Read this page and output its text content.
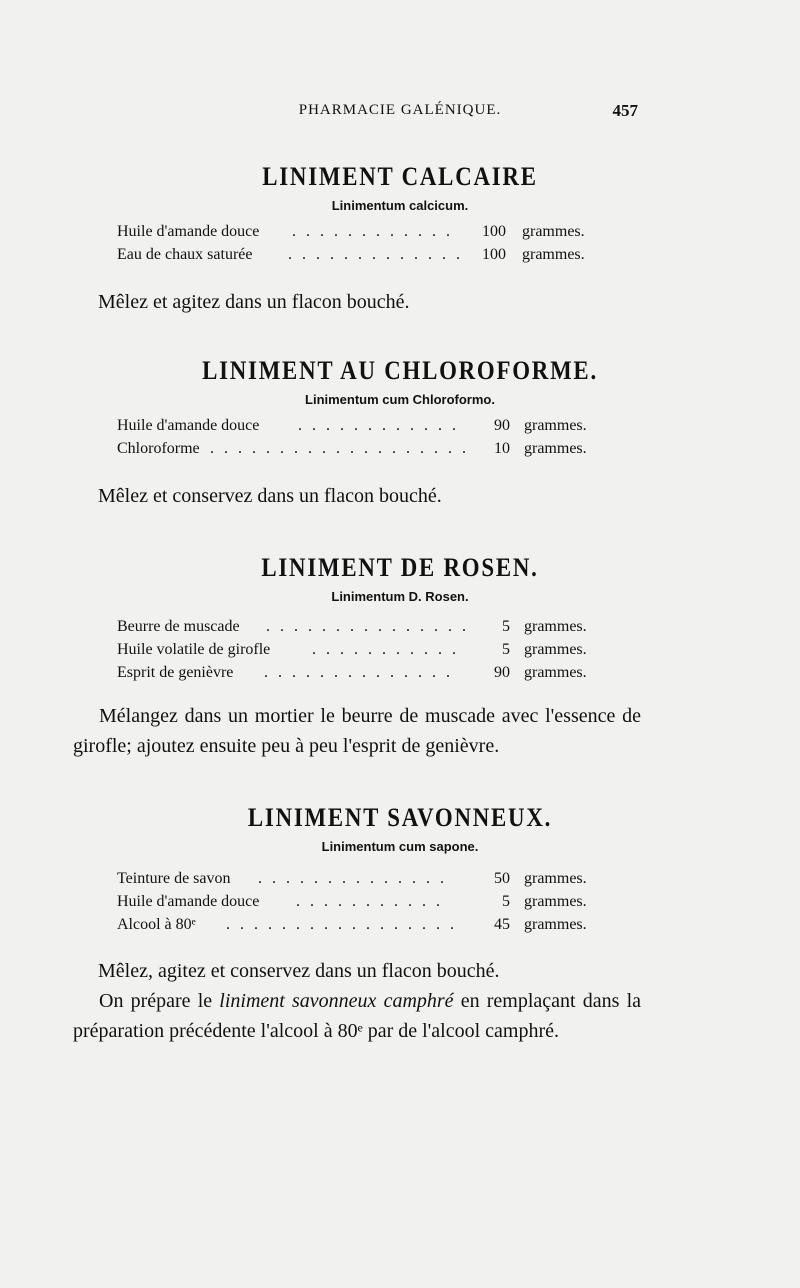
PHARMACIE GALÉNIQUE.	457
LINIMENT CALCAIRE
Linimentum calcicum.
Huile d'amande douce . . . . . . . . . . . . 100 grammes.
Eau de chaux saturée . . . . . . . . . . . . . 100 grammes.
Mêlez et agitez dans un flacon bouché.
LINIMENT AU CHLOROFORME.
Linimentum cum Chloroformo.
Huile d'amande douce . . . . . . . . . . . . 90 grammes.
Chloroforme . . . . . . . . . . . . . . . . . . . 10 grammes.
Mêlez et conservez dans un flacon bouché.
LINIMENT DE ROSEN.
Linimentum D. Rosen.
Beurre de muscade . . . . . . . . . . . . . . . 5 grammes.
Huile volatile de girofle	. . . . . . . . . . .	5 grammes.
Esprit de genièvre . . . . . . . . . . . . . .	90 grammes.
Mélangez dans un mortier le beurre de muscade avec l'essence de girofle; ajoutez ensuite peu à peu l'esprit de genièvre.
LINIMENT SAVONNEUX.
Linimentum cum sapone.
Teinture de savon . . . . . . . . . . . . . .	50 grammes.
Huile d'amande douce . . . . . . . . . . .	5 grammes.
Alcool à 80ᵉ . . . . . . . . . . . . . . . . . 45 grammes.
Mêlez, agitez et conservez dans un flacon bouché.
On prépare le liniment savonneux camphré en remplaçant dans la préparation précédente l'alcool à 80ᵉ par de l'alcool camphré.
